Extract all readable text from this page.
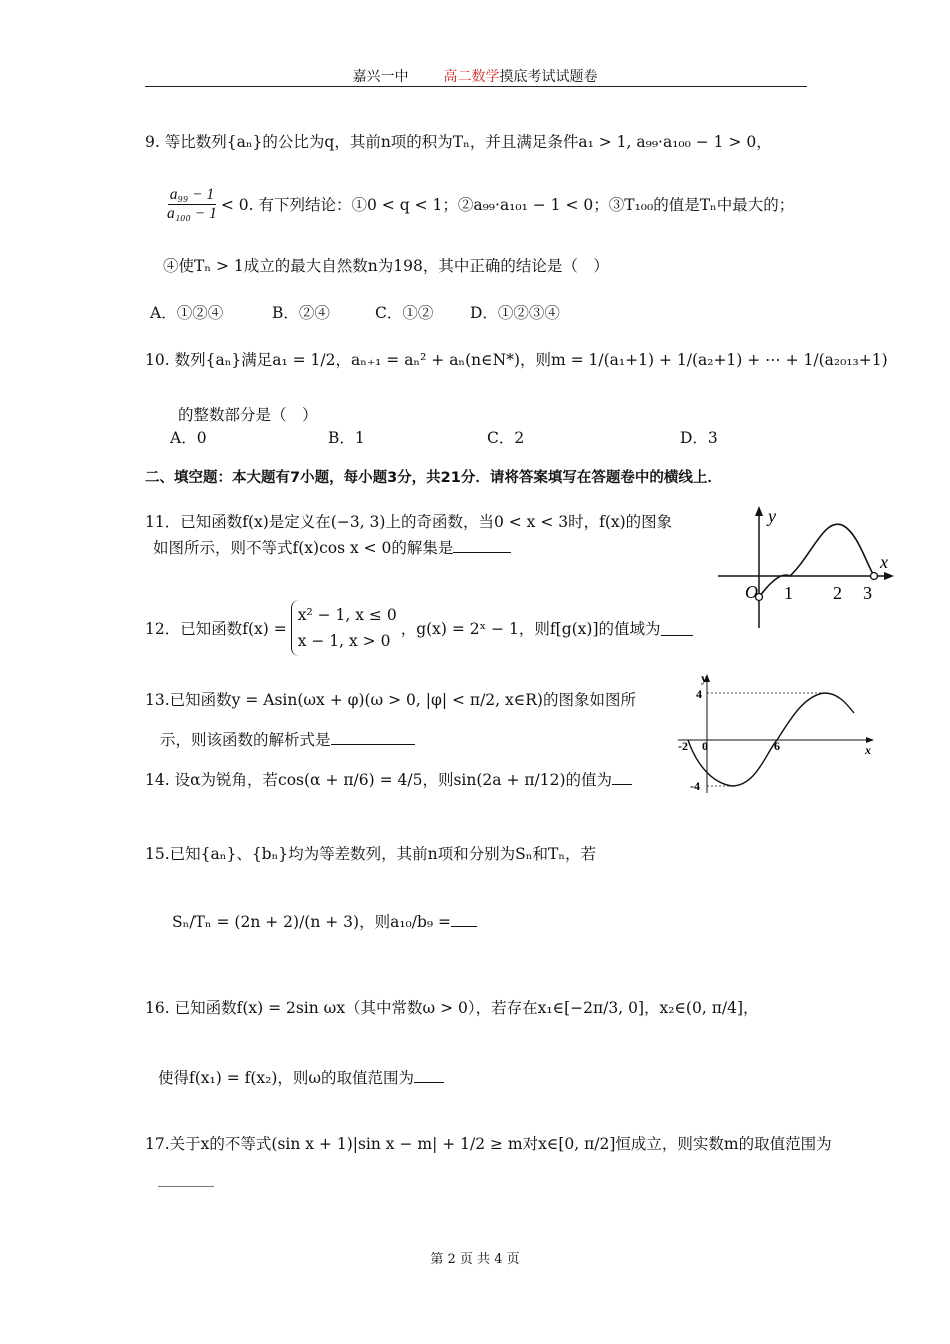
嘉兴一中 高二数学摸底考试试题卷
9. 等比数列{aₙ}的公比为q，其前n项的积为Tₙ，并且满足条件a₁ > 1, a₉₉·a₁₀₀ − 1 > 0，
$\frac{\text{a₉₉ − 1}}{\text{a₁₀₀ − 1}} < 0$. 有下列结论：①0 < q < 1；②a₉₉·a₁₀₁ − 1 < 0；③T₁₀₀的值是Tₙ中最大的；
④使Tₙ > 1成立的最大自然数n为198，其中正确的结论是（　）
A．①②④	B．②④	C．①② D．①②③④
10. 数列{aₙ}满足a₁ = 1/2，aₙ₊₁ = aₙ² + aₙ(n∈N*)，则m = 1/(a₁+1) + 1/(a₂+1) + ⋯ + 1/(a₂₀₁₃+1)
的整数部分是（　）
A．0	B．1	C．2	D．3
二、填空题：本大题有7小题，每小题3分，共21分．请将答案填写在答题卷中的横线上．
11．已知函数f(x)是定义在(−3, 3)上的奇函数，当0 < x < 3时，f(x)的图象
如图所示，则不等式f(x)cos x < 0的解集是
y
x
O 1 2 3
12．已知函数f(x) =
x² − 1, x ≤ 0
x − 1, x > 0
，g(x) = 2ˣ − 1，则f[g(x)]的值域为
13.已知函数y = Asin(ωx + φ)(ω > 0, |φ| < π/2, x∈R)的图象如图所
示，则该函数的解析式是
y
x
4
-2 0	6
-4
14. 设α为锐角，若cos(α + π/6) = 4/5，则sin(2a + π/12)的值为
15.已知{aₙ}、{bₙ}均为等差数列，其前n项和分别为Sₙ和Tₙ，若
Sₙ/Tₙ = (2n + 2)/(n + 3)，则a₁₀/b₉ =
16. 已知函数f(x) = 2sin ωx（其中常数ω > 0），若存在x₁∈[−2π/3, 0]，x₂∈(0, π/4]，
使得f(x₁) = f(x₂)，则ω的取值范围为
17.关于x的不等式(sin x + 1)|sin x − m| + 1/2 ≥ m对x∈[0, π/2]恒成立，则实数m的取值范围为
第 2 页 共 4 页
